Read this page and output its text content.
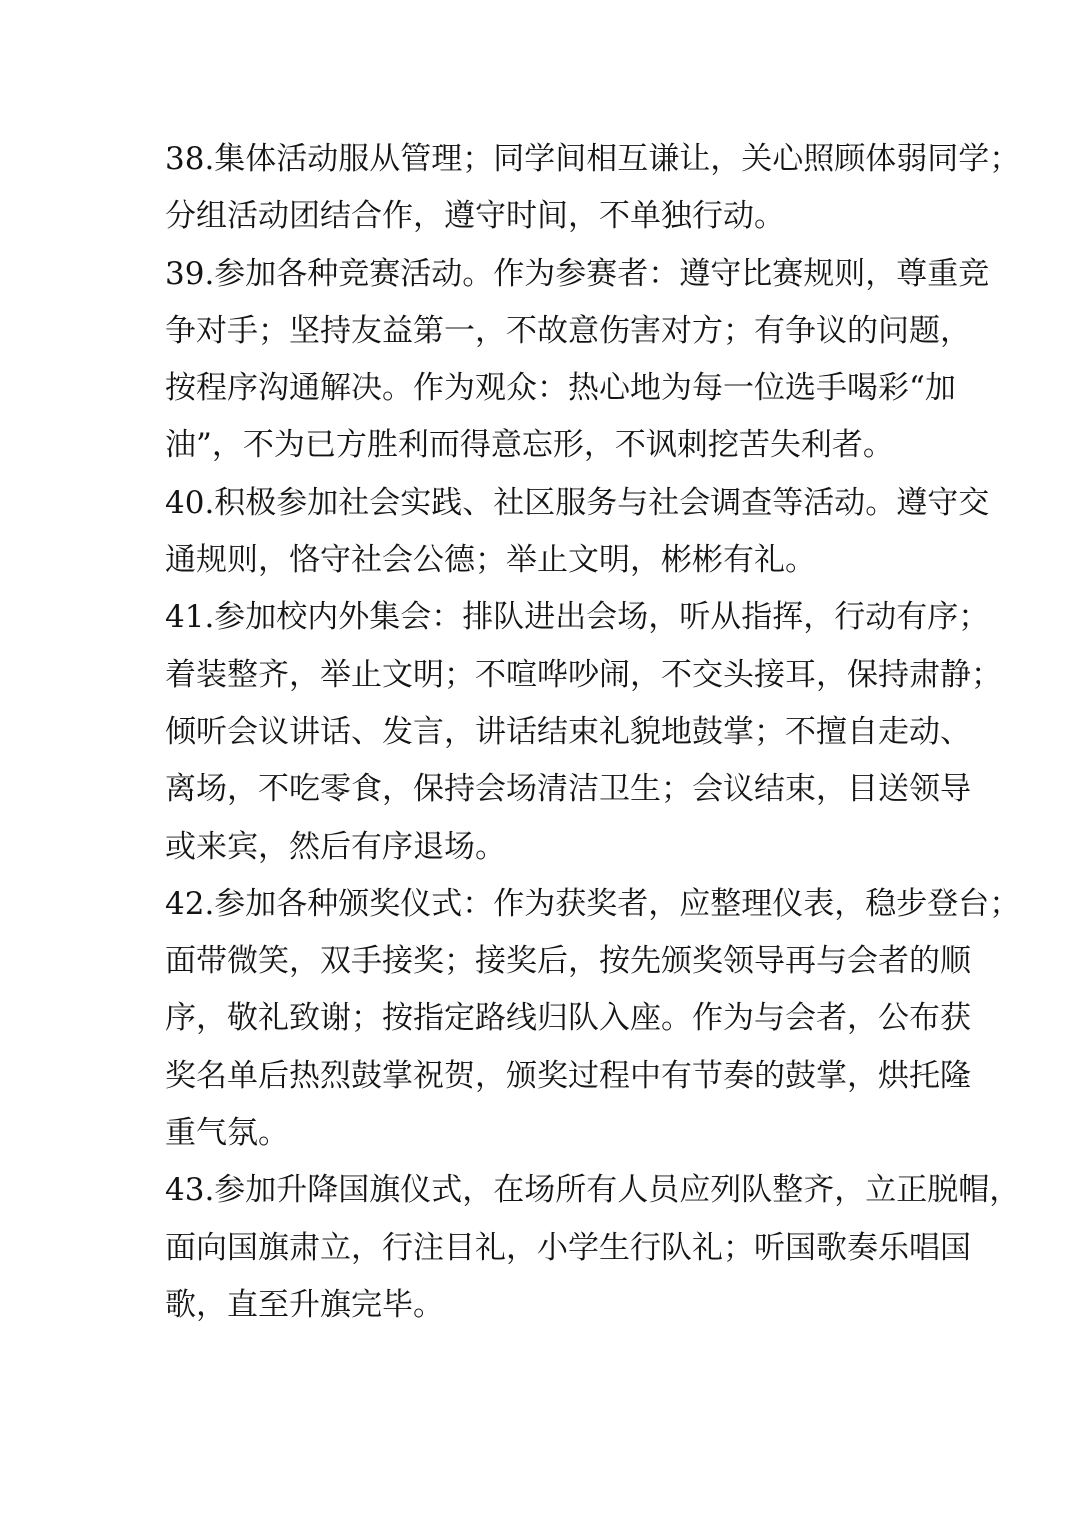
38.集体活动服从管理；同学间相互谦让，关心照顾体弱同学；
分组活动团结合作，遵守时间，不单独行动。
39.参加各种竞赛活动。作为参赛者：遵守比赛规则，尊重竞
争对手；坚持友益第一，不故意伤害对方；有争议的问题，
按程序沟通解决。作为观众：热心地为每一位选手喝彩“加
油”，不为已方胜利而得意忘形，不讽刺挖苦失利者。
40.积极参加社会实践、社区服务与社会调查等活动。遵守交
通规则，恪守社会公德；举止文明，彬彬有礼。
41.参加校内外集会：排队进出会场，听从指挥，行动有序；
着装整齐，举止文明；不喧哗吵闹，不交头接耳，保持肃静；
倾听会议讲话、发言，讲话结束礼貌地鼓掌；不擅自走动、
离场，不吃零食，保持会场清洁卫生；会议结束，目送领导
或来宾，然后有序退场。
42.参加各种颁奖仪式：作为获奖者，应整理仪表，稳步登台；
面带微笑，双手接奖；接奖后，按先颁奖领导再与会者的顺
序，敬礼致谢；按指定路线归队入座。作为与会者，公布获
奖名单后热烈鼓掌祝贺，颁奖过程中有节奏的鼓掌，烘托隆
重气氛。
43.参加升降国旗仪式，在场所有人员应列队整齐，立正脱帽，
面向国旗肃立，行注目礼，小学生行队礼；听国歌奏乐唱国
歌，直至升旗完毕。
